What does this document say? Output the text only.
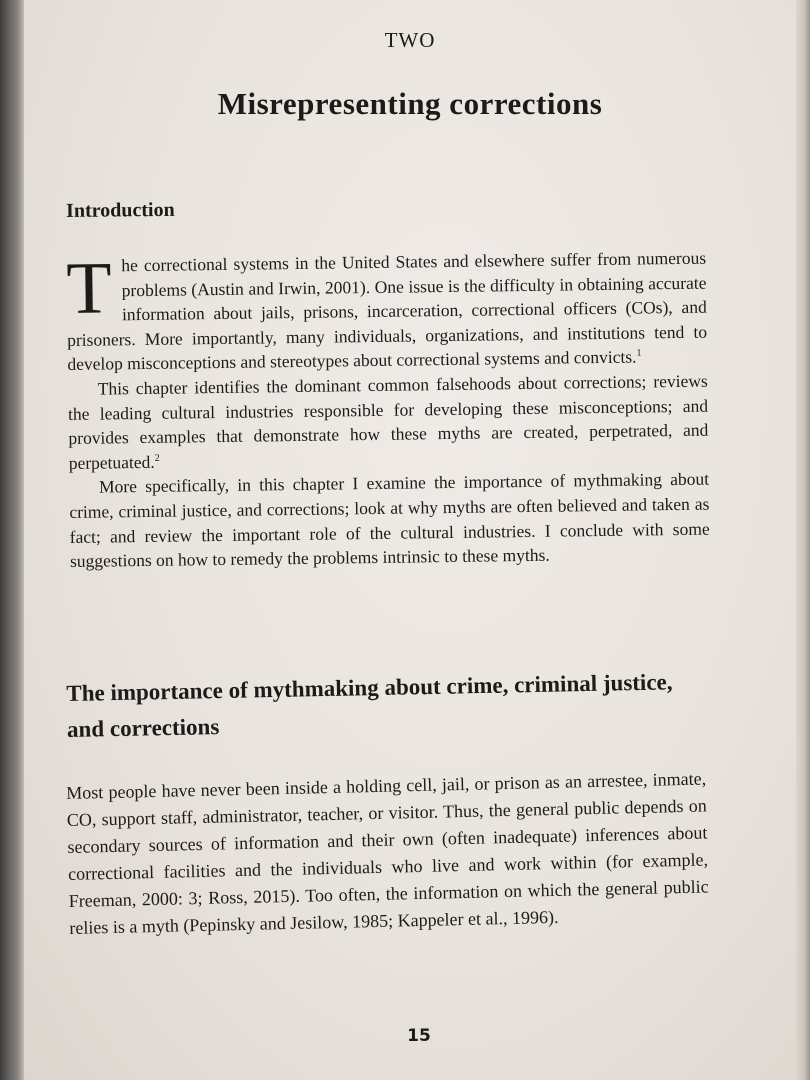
TWO
Misrepresenting corrections
Introduction

The correctional systems in the United States and elsewhere suffer from numerous problems (Austin and Irwin, 2001). One issue is the difficulty in obtaining accurate information about jails, prisons, incarceration, correctional officers (COs), and prisoners. More importantly, many individuals, organizations, and institutions tend to develop misconceptions and stereotypes about correctional systems and convicts.$^1$

This chapter identifies the dominant common falsehoods about corrections; reviews the leading cultural industries responsible for developing these misconceptions; and provides examples that demonstrate how these myths are created, perpetrated, and perpetuated.$^2$

More specifically, in this chapter I examine the importance of mythmaking about crime, criminal justice, and corrections; look at why myths are often believed and taken as fact; and review the important role of the cultural industries. I conclude with some suggestions on how to remedy the problems intrinsic to these myths.

The importance of mythmaking about crime, criminal justice, and corrections

Most people have never been inside a holding cell, jail, or prison as an arrestee, inmate, CO, support staff, administrator, teacher, or visitor. Thus, the general public depends on secondary sources of information and their own (often inadequate) inferences about correctional facilities and the individuals who live and work within (for example, Freeman, 2000: 3; Ross, 2015). Too often, the information on which the general public relies is a myth (Pepinsky and Jesilow, 1985; Kappeler et al., 1996).

15
